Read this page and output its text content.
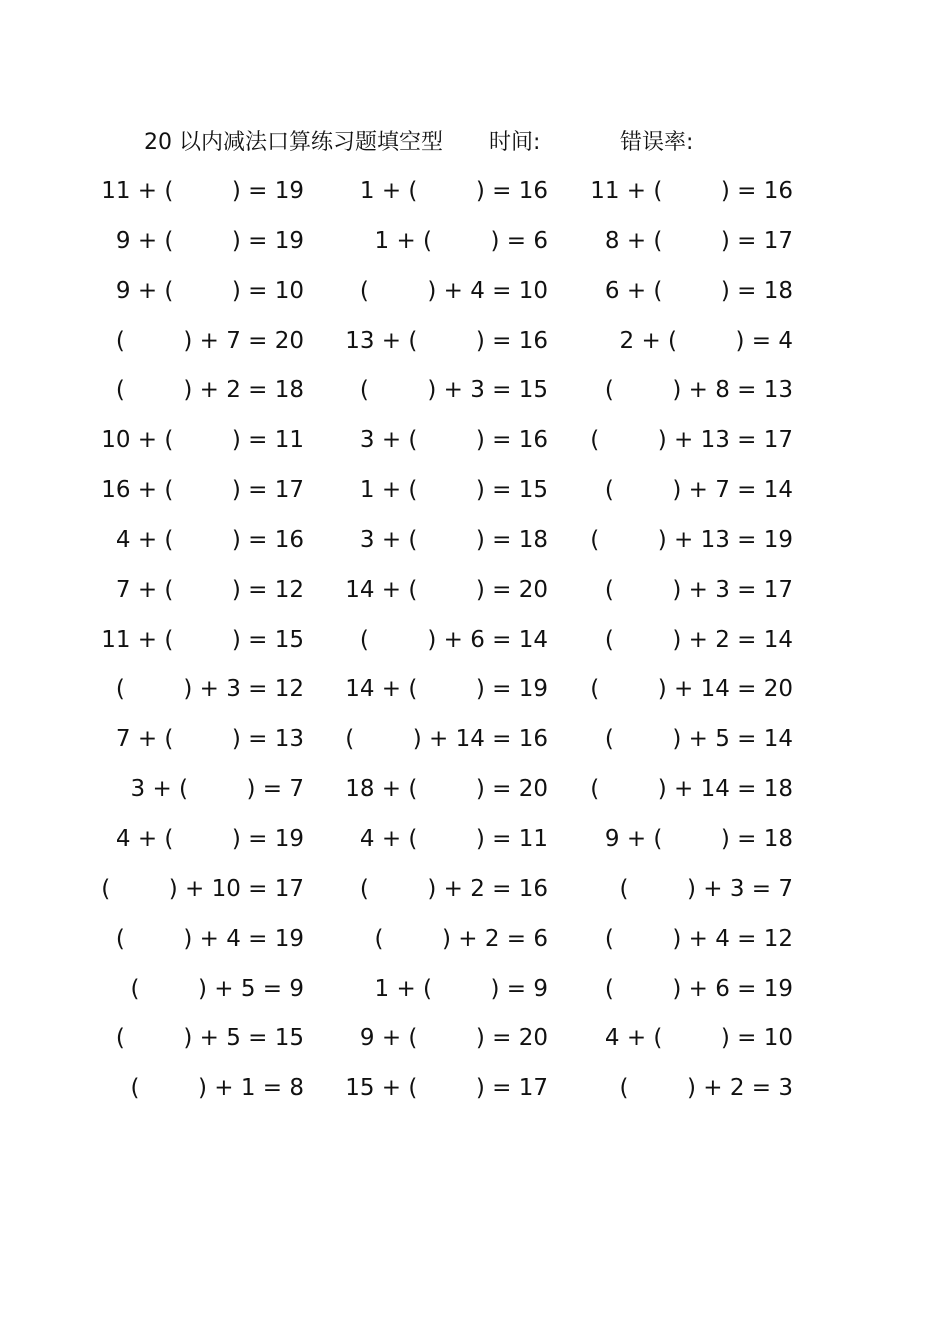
20 以内减法口算练习题填空型 时间:	错误率:
11 + (        ) = 19	1 + (        ) = 16	11 + (        ) = 16
9 + (        ) = 19	1 + (        ) = 6	8 + (        ) = 17
9 + (        ) = 10	(        ) + 4 = 10	6 + (        ) = 18
(        ) + 7 = 20	13 + (        ) = 16	2 + (        ) = 4
(        ) + 2 = 18	(        ) + 3 = 15	(        ) + 8 = 13
10 + (        ) = 11	3 + (        ) = 16	(        ) + 13 = 17
16 + (        ) = 17	1 + (        ) = 15	(        ) + 7 = 14
4 + (        ) = 16	3 + (        ) = 18	(        ) + 13 = 19
7 + (        ) = 12	14 + (        ) = 20	(        ) + 3 = 17
11 + (        ) = 15	(        ) + 6 = 14	(        ) + 2 = 14
(        ) + 3 = 12	14 + (        ) = 19	(        ) + 14 = 20
7 + (        ) = 13	(        ) + 14 = 16	(        ) + 5 = 14
3 + (        ) = 7	18 + (        ) = 20	(        ) + 14 = 18
4 + (        ) = 19	4 + (        ) = 11	9 + (        ) = 18
(        ) + 10 = 17	(        ) + 2 = 16	(        ) + 3 = 7
(        ) + 4 = 19	(        ) + 2 = 6	(        ) + 4 = 12
(        ) + 5 = 9	1 + (        ) = 9	(        ) + 6 = 19
(        ) + 5 = 15	9 + (        ) = 20	4 + (        ) = 10
(        ) + 1 = 8	15 + (        ) = 17	(        ) + 2 = 3
